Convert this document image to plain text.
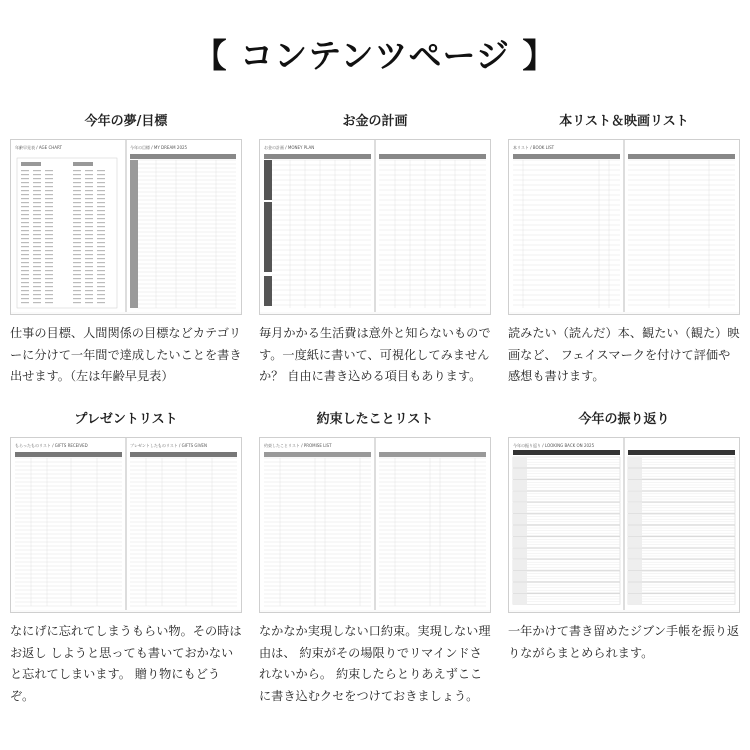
【 コンテンツページ 】
今年の夢/目標
年齢早見表 / AGE CHART	今年の目標 / MY DREAM 2025
仕事の目標、人間関係の目標などカテゴリーに分けて一年間で達成したいことを書き出せます。（左は年齢早見表）
お金の計画
お金の計画 / MONEY PLAN
毎月かかる生活費は意外と知らないものです。一度紙に書いて、可視化してみませんか？ 自由に書き込める項目もあります。
本リスト＆映画リスト
本リスト / BOOK LIST
読みたい（読んだ）本、観たい（観た）映画など、 フェイスマークを付けて評価や感想も書けます。
プレゼントリスト
もらったものリスト / GIFTS RECEIVED	プレゼントしたものリスト / GIFTS GIVEN
なにげに忘れてしまうもらい物。その時はお返し しようと思っても書いておかないと忘れてしまいます。 贈り物にもどうぞ。
約束したことリスト
約束したことリスト / PROMISE LIST
なかなか実現しない口約束。実現しない理由は、 約束がその場限りでリマインドされないから。 約束したらとりあえずここに書き込むクセをつけておきましょう。
今年の振り返り
今年の振り返り / LOOKING BACK ON 2025
一年かけて書き留めたジブン手帳を振り返りながらまとめられます。
